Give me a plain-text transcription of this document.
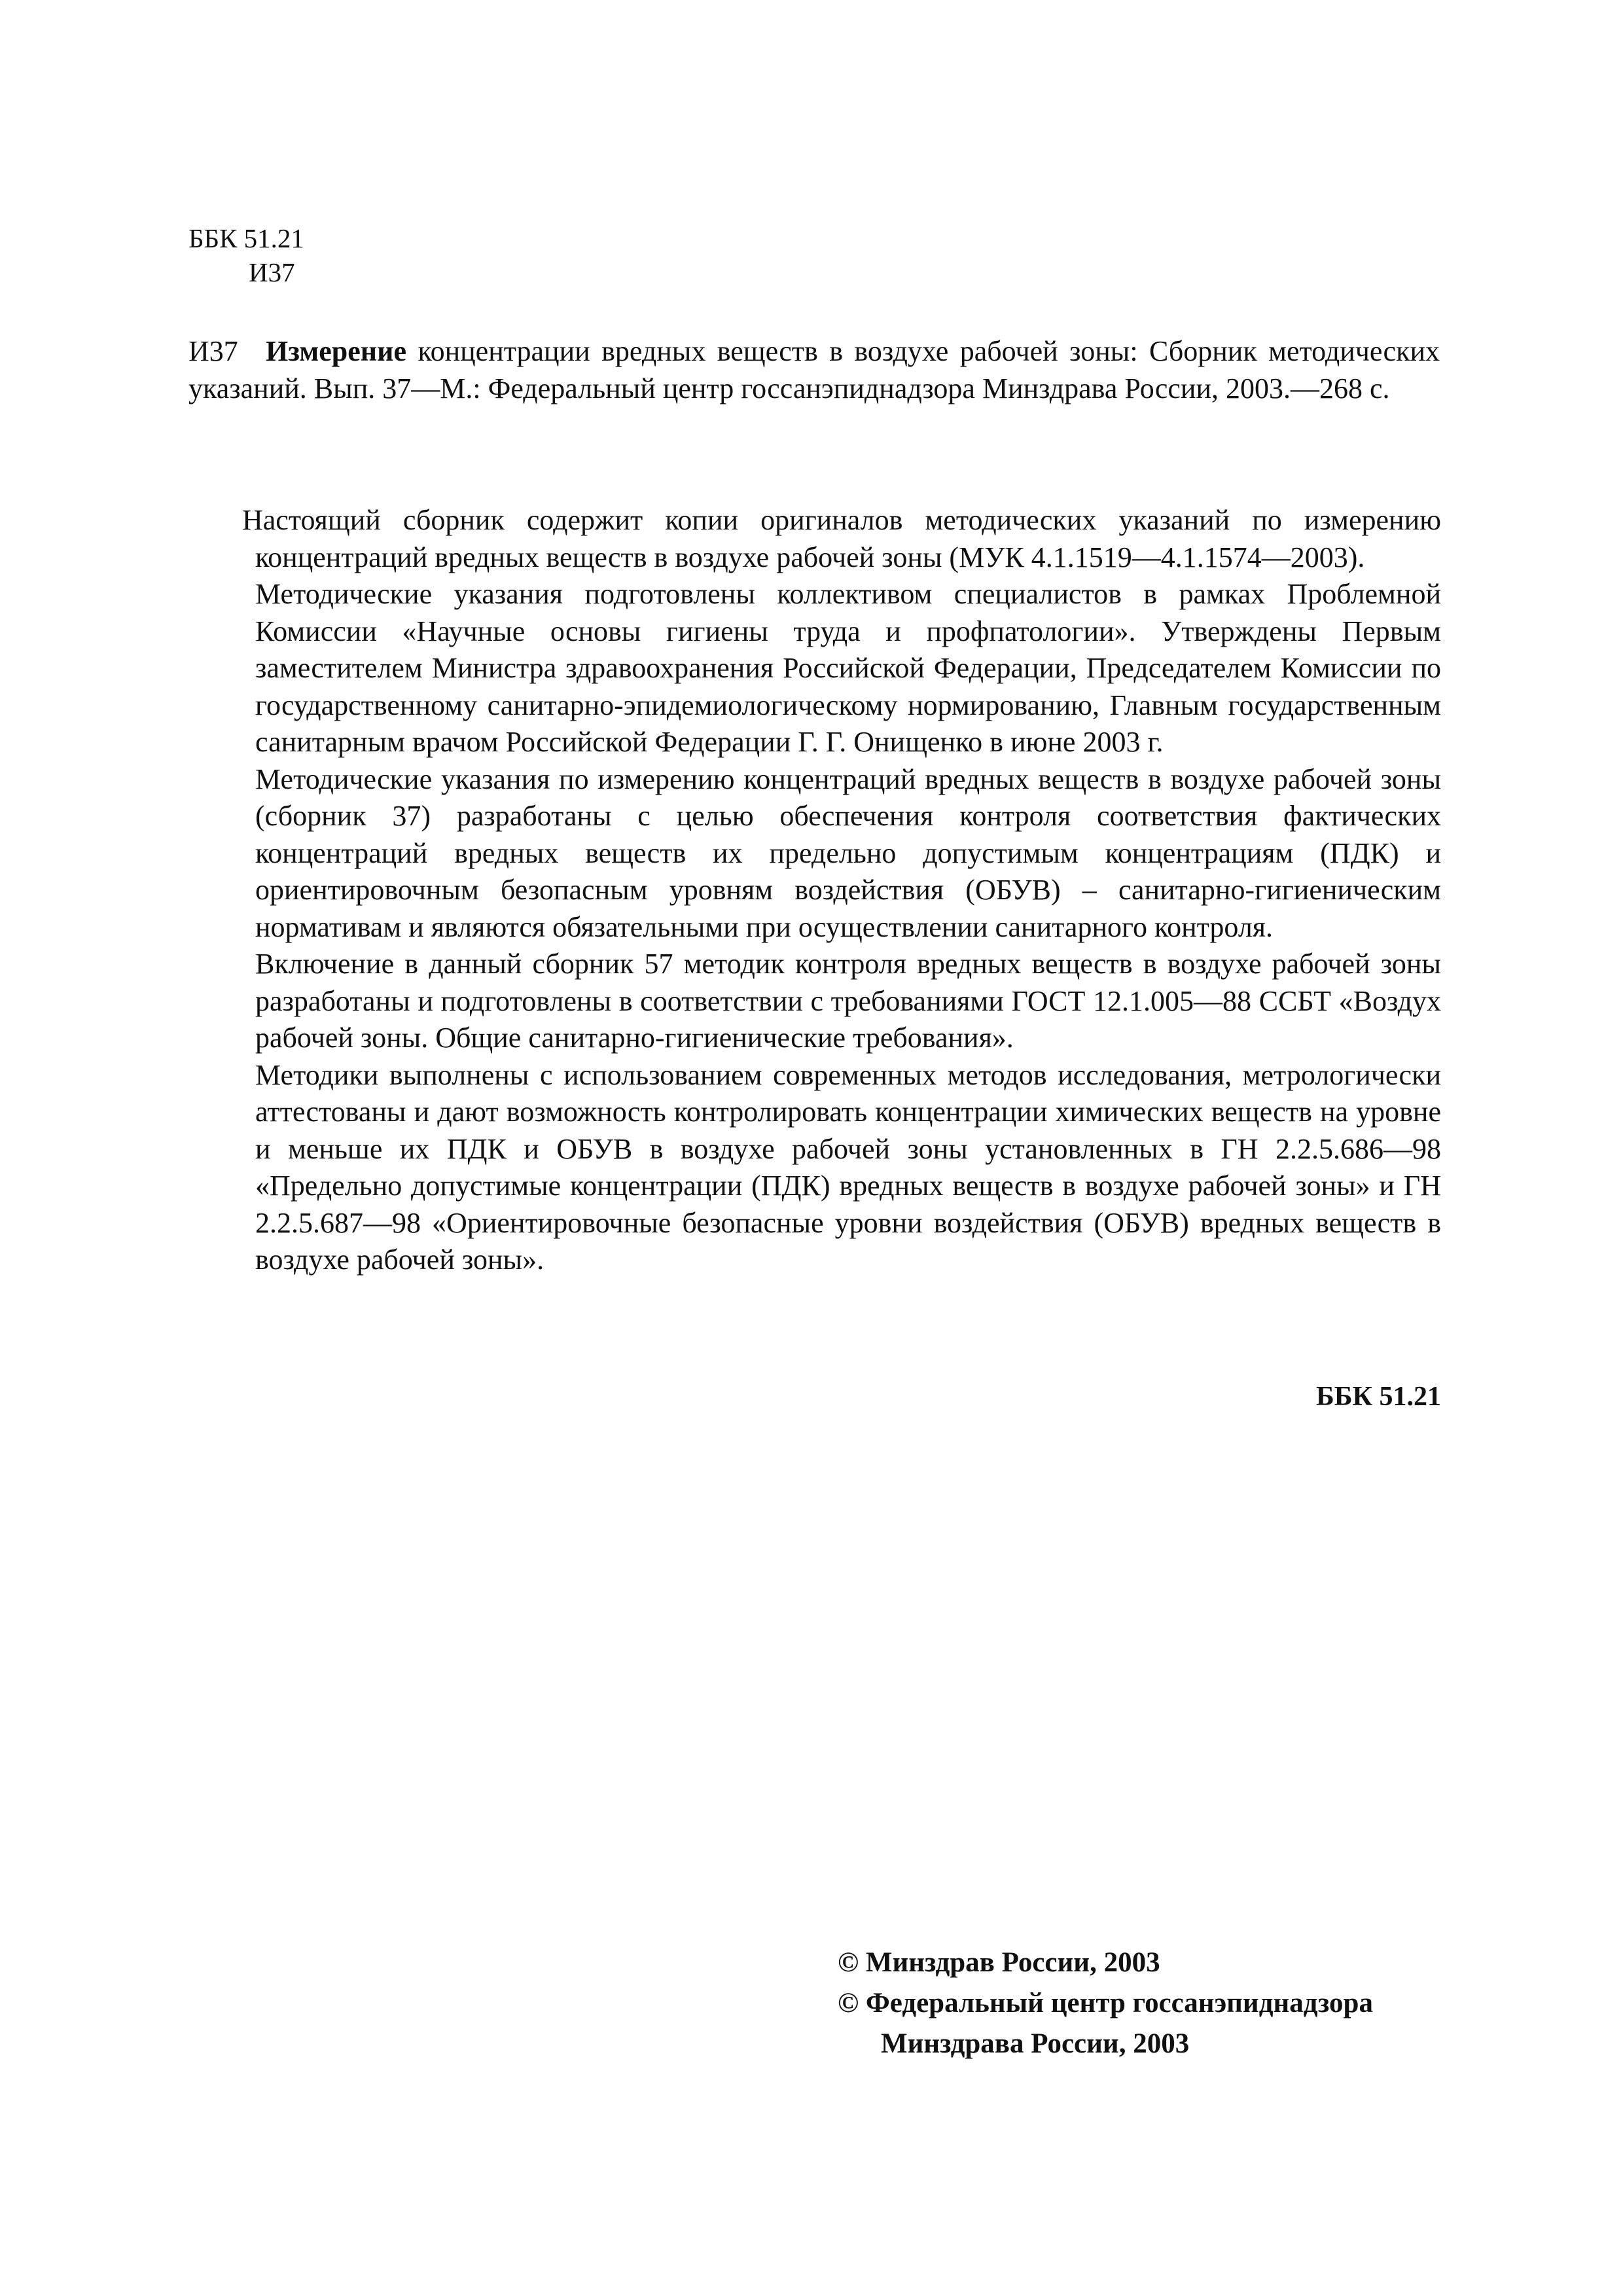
ББК 51.21
И37
И37 Измерение концентрации вредных веществ в воздухе рабочей зоны: Сборник методических указаний. Вып. 37—М.: Федеральный центр госсанэпиднадзора Минздрава России, 2003.—268 с.

Настоящий сборник содержит копии оригиналов методических указаний по измерению концентраций вредных веществ в воздухе рабочей зоны (МУК 4.1.1519—4.1.1574—2003).

Методические указания подготовлены коллективом специалистов в рамках Проблемной Комиссии «Научные основы гигиены труда и профпатологии». Утверждены Первым заместителем Министра здравоохранения Российской Федерации, Председателем Комиссии по государственному санитарно-эпидемиологическому нормированию, Главным государственным санитарным врачом Российской Федерации Г. Г. Онищенко в июне 2003 г.

Методические указания по измерению концентраций вредных веществ в воздухе рабочей зоны (сборник 37) разработаны с целью обеспечения контроля соответствия фактических концентраций вредных веществ их предельно допустимым концентрациям (ПДК) и ориентировочным безопасным уровням воздействия (ОБУВ) – санитарно-гигиеническим нормативам и являются обязательными при осуществлении санитарного контроля.

Включение в данный сборник 57 методик контроля вредных веществ в воздухе рабочей зоны разработаны и подготовлены в соответствии с требованиями ГОСТ 12.1.005—88 ССБТ «Воздух рабочей зоны. Общие санитарно-гигиенические требования».

Методики выполнены с использованием современных методов исследования, метрологически аттестованы и дают возможность контролировать концентрации химических веществ на уровне и меньше их ПДК и ОБУВ в воздухе рабочей зоны установленных в ГН 2.2.5.686—98 «Предельно допустимые концентрации (ПДК) вредных веществ в воздухе рабочей зоны» и ГН 2.2.5.687—98 «Ориентировочные безопасные уровни воздействия (ОБУВ) вредных веществ в воздухе рабочей зоны».

ББК 51.21
© Минздрав России, 2003
© Федеральный центр госсанэпиднадзора
Минздрава России, 2003
